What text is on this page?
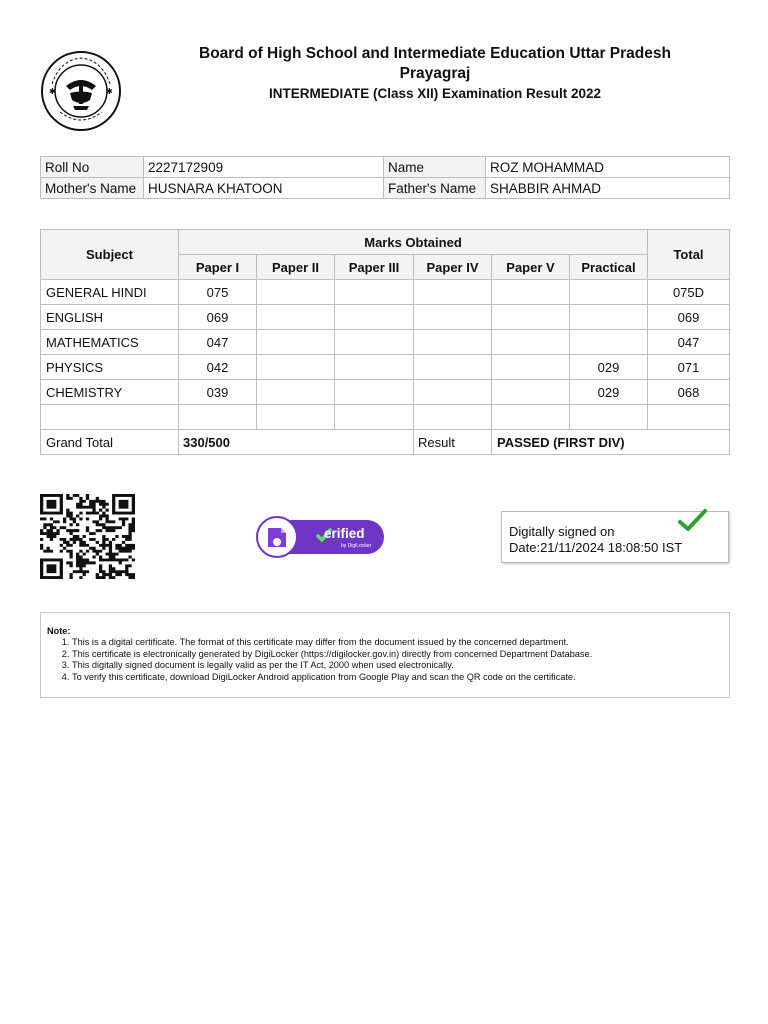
✱	✱
Board of High School and Intermediate Education Uttar Pradesh
Prayagraj
INTERMEDIATE (Class XII) Examination Result 2022
Roll No	2227172909	Name	ROZ MOHAMMAD
Mother's Name	HUSNARA KHATOON	Father's Name	SHABBIR AHMAD
Subject	Marks Obtained						Total
	Paper I	Paper II	Paper III	Paper IV	Paper V	Practical	
GENERAL HINDI	075						075D
ENGLISH	069						069
MATHEMATICS	047						047
PHYSICS	042					029	071
CHEMISTRY	039					029	068

Grand Total	330/500			Result	PASSED (FIRST DIV)		
erified
by DigiLocker
Digitally signed on
Date:21/11/2024 18:08:50 IST
Note:
1. This is a digital certificate. The format of this certificate may differ from the document issued by the concerned department.
2. This certificate is electronically generated by DigiLocker (https://digilocker.gov.in) directly from concerned Department Database.
3. This digitally signed document is legally valid as per the IT Act, 2000 when used electronically.
4. To verify this certificate, download DigiLocker Android application from Google Play and scan the QR code on the certificate.
